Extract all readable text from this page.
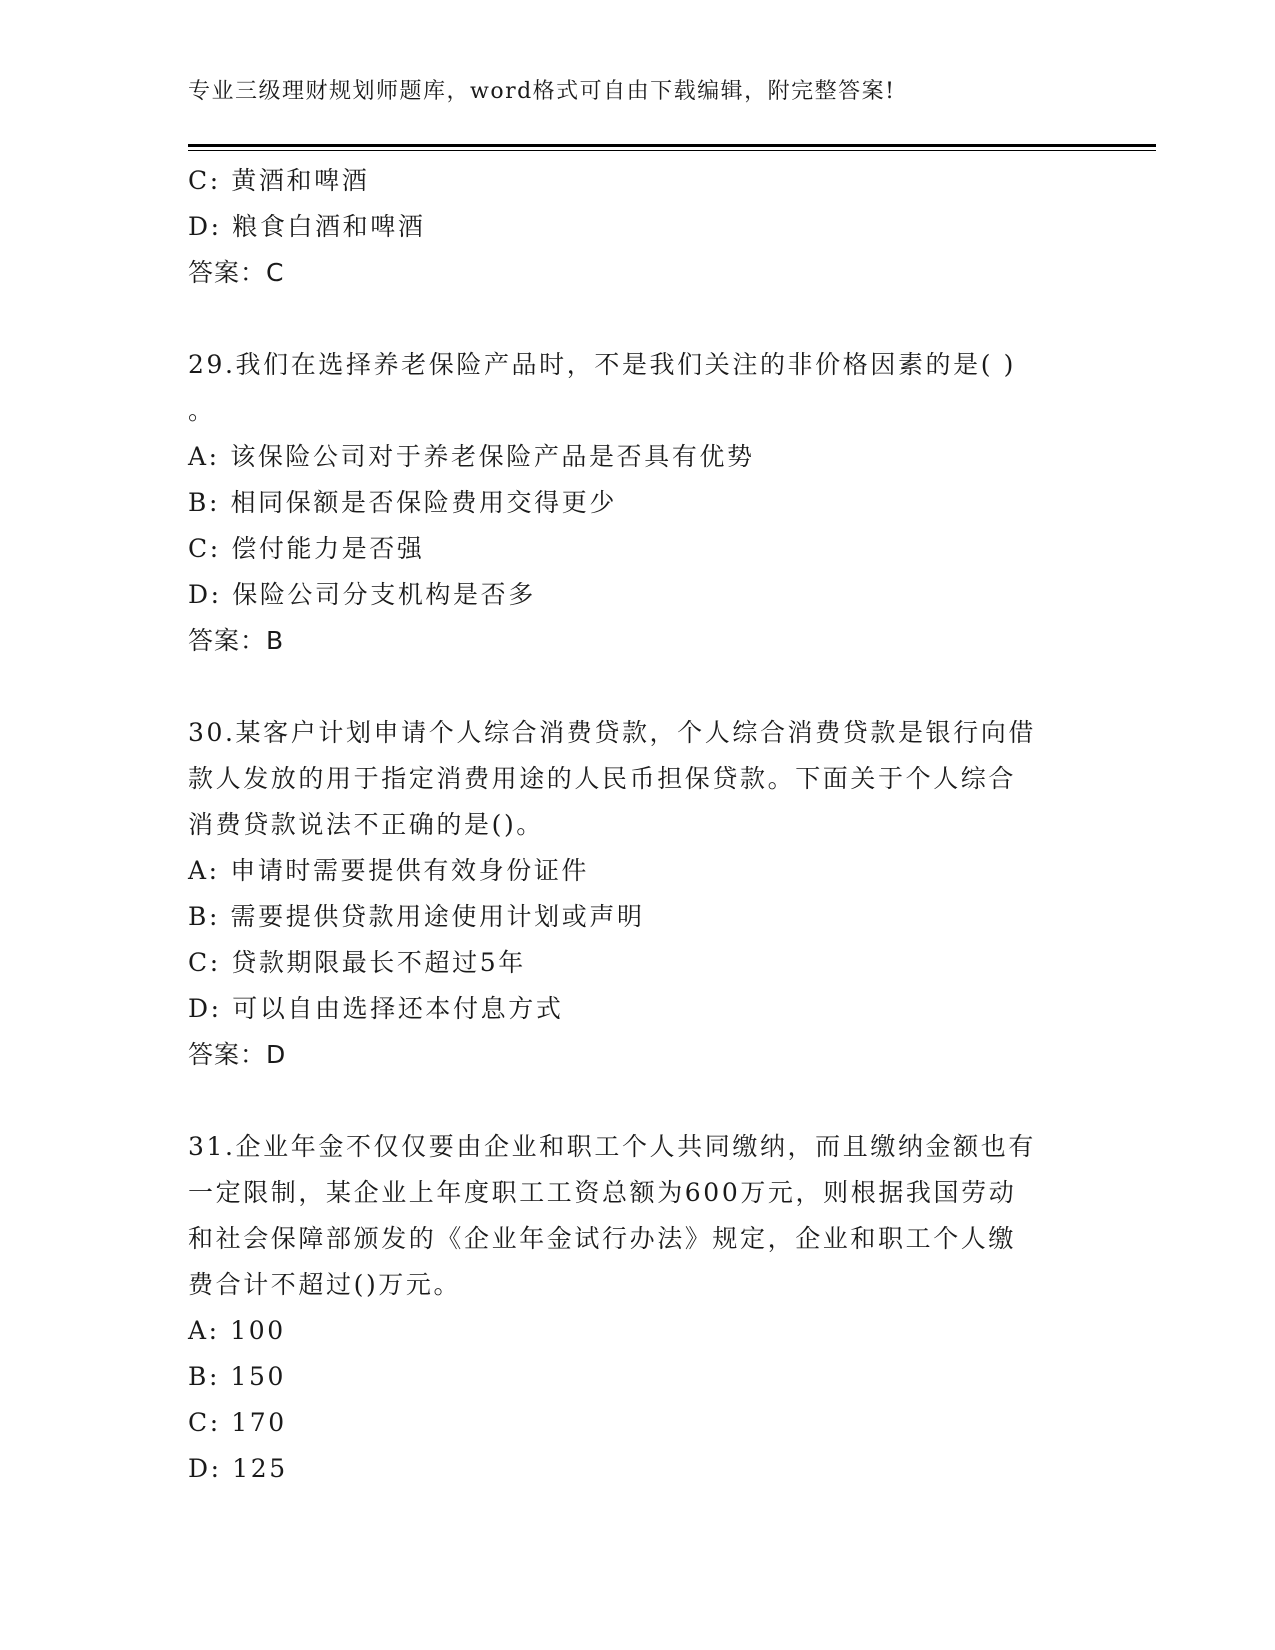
专业三级理财规划师题库，word格式可自由下载编辑，附完整答案!
C: 黄酒和啤酒
D: 粮食白酒和啤酒
答案：C
29.我们在选择养老保险产品时，不是我们关注的非价格因素的是( )
。
A: 该保险公司对于养老保险产品是否具有优势
B: 相同保额是否保险费用交得更少
C: 偿付能力是否强
D: 保险公司分支机构是否多
答案：B
30.某客户计划申请个人综合消费贷款，个人综合消费贷款是银行向借
款人发放的用于指定消费用途的人民币担保贷款。下面关于个人综合
消费贷款说法不正确的是()。
A: 申请时需要提供有效身份证件
B: 需要提供贷款用途使用计划或声明
C: 贷款期限最长不超过5年
D: 可以自由选择还本付息方式
答案：D
31.企业年金不仅仅要由企业和职工个人共同缴纳，而且缴纳金额也有
一定限制，某企业上年度职工工资总额为600万元，则根据我国劳动
和社会保障部颁发的《企业年金试行办法》规定，企业和职工个人缴
费合计不超过()万元。
A: 100
B: 150
C: 170
D: 125
